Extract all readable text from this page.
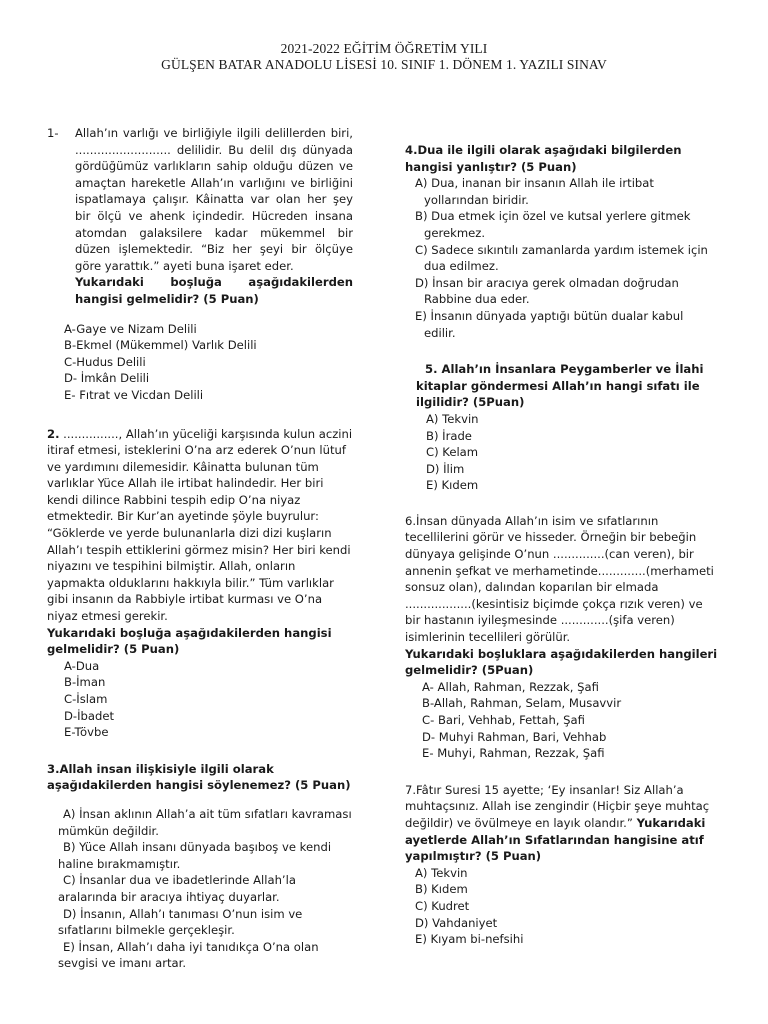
2021-2022 EĞİTİM ÖĞRETİM YILI
GÜLŞEN BATAR ANADOLU LİSESİ 10. SINIF 1. DÖNEM 1. YAZILI SINAV
1-	Allah’ın varlığı ve birliğiyle ilgili delillerden biri, .......................... delilidir. Bu delil dış dünyada gördüğümüz varlıkların sahip olduğu düzen ve amaçtan hareketle Allah’ın varlığını ve birliğini ispatlamaya çalışır. Kâinatta var olan her şey bir ölçü ve ahenk içindedir. Hücreden insana atomdan galaksilere kadar mükemmel bir düzen işlemektedir. “Biz her şeyi bir ölçüye göre yarattık.” ayeti buna işaret eder.

Yukarıdaki boşluğa aşağıdakilerden hangisi gelmelidir? (5 Puan)

A-Gaye ve Nizam Delili

B-Ekmel (Mükemmel) Varlık Delili

C-Hudus Delili

D- İmkân Delili

E- Fıtrat ve Vicdan Delili

2. ..............., Allah’ın yüceliği karşısında kulun aczini itiraf etmesi, isteklerini O’na arz ederek O’nun lütuf ve yardımını dilemesidir. Kâinatta bulunan tüm varlıklar Yüce Allah ile irtibat halindedir. Her biri kendi dilince Rabbini tespih edip O’na niyaz etmektedir. Bir Kur’an ayetinde şöyle buyrulur: “Göklerde ve yerde bulunanlarla dizi dizi kuşların Allah’ı tespih ettiklerini görmez misin? Her biri kendi niyazını ve tespihini bilmiştir. Allah, onların yapmakta olduklarını hakkıyla bilir.” Tüm varlıklar gibi insanın da Rabbiyle irtibat kurması ve O’na niyaz etmesi gerekir.

Yukarıdaki boşluğa aşağıdakilerden hangisi gelmelidir? (5 Puan)

A-Dua

B-İman

C-İslam

D-İbadet

E-Tövbe

3.Allah insan ilişkisiyle ilgili olarak aşağıdakilerden hangisi söylenemez? (5 Puan)

A) İnsan aklının Allah’a ait tüm sıfatları kavraması mümkün değildir.

B) Yüce Allah insanı dünyada başıboş ve kendi haline bırakmamıştır.

C) İnsanlar dua ve ibadetlerinde Allah’la aralarında bir aracıya ihtiyaç duyarlar.

D) İnsanın, Allah’ı tanıması O’nun isim ve sıfatlarını bilmekle gerçekleşir.

E) İnsan, Allah’ı daha iyi tanıdıkça O’na olan sevgisi ve imanı artar.

4.Dua ile ilgili olarak aşağıdaki bilgilerden hangisi yanlıştır? (5 Puan)

A) Dua, inanan bir insanın Allah ile irtibat yollarından biridir.

B) Dua etmek için özel ve kutsal yerlere gitmek gerekmez.

C) Sadece sıkıntılı zamanlarda yardım istemek için dua edilmez.

D) İnsan bir aracıya gerek olmadan doğrudan Rabbine dua eder.

E) İnsanın dünyada yaptığı bütün dualar kabul edilir.

5. Allah’ın İnsanlara Peygamberler ve İlahi kitaplar göndermesi Allah’ın hangi sıfatı ile ilgilidir? (5Puan)

A) Tekvin

B) İrade

C) Kelam

D) İlim

E) Kıdem

6.İnsan dünyada Allah’ın isim ve sıfatlarının tecellilerini görür ve hisseder. Örneğin bir bebeğin dünyaya gelişinde O’nun ..............(can veren), bir annenin şefkat ve merhametinde.............(merhameti sonsuz olan), dalından koparılan bir elmada ..................(kesintisiz biçimde çokça rızık veren) ve bir hastanın iyileşmesinde .............(şifa veren) isimlerinin tecellileri görülür.

Yukarıdaki boşluklara aşağıdakilerden hangileri gelmelidir? (5Puan)

A- Allah, Rahman, Rezzak, Şafi

B-Allah, Rahman, Selam, Musavvir

C- Bari, Vehhab, Fettah, Şafi

D- Muhyi Rahman, Bari, Vehhab

E- Muhyi, Rahman, Rezzak, Şafi

7.Fâtır Suresi 15 ayette; ‘Ey insanlar! Siz Allah’a muhtaçsınız. Allah ise zengindir (Hiçbir şeye muhtaç değildir) ve övülmeye en layık olandır.” Yukarıdaki ayetlerde Allah’ın Sıfatlarından hangisine atıf yapılmıştır? (5 Puan)

A) Tekvin

B) Kıdem

C) Kudret

D) Vahdaniyet

E) Kıyam bi-nefsihi
